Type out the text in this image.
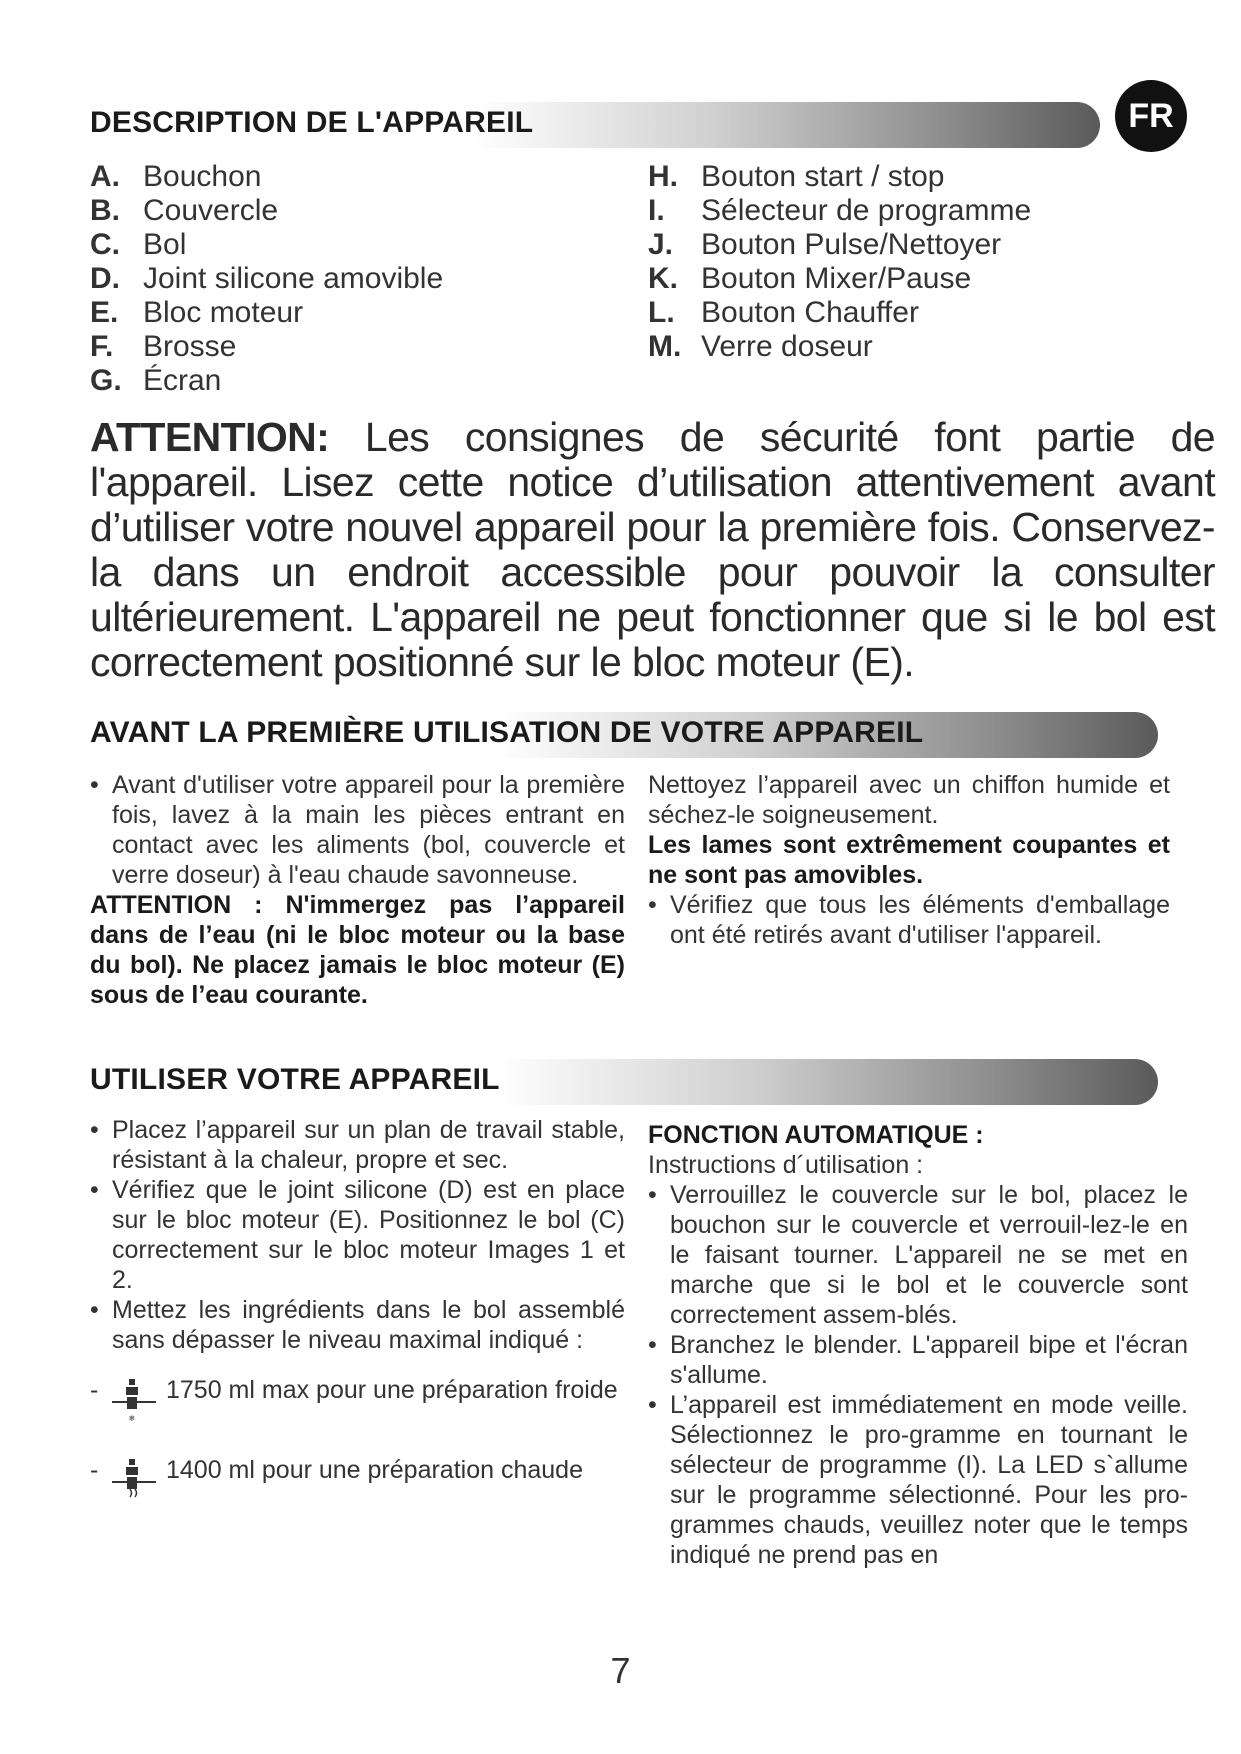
DESCRIPTION DE L'APPAREIL	FR
A. Bouchon
B. Couvercle
C. Bol
D. Joint silicone amovible
E. Bloc moteur
F. Brosse
G. Écran
H. Bouton start / stop
I.	Sélecteur de programme
J. Bouton Pulse/Nettoyer
K. Bouton Mixer/Pause
L. Bouton Chauffer
M. Verre doseur
ATTENTION: Les consignes de sécurité font partie de l'appareil. Lisez cette notice d’utilisation attentivement avant d’utiliser votre nouvel appareil pour la première fois. Conservez-la dans un endroit accessible pour pouvoir la consulter ultérieurement. L'appareil ne peut fonctionner que si le bol est correctement positionné sur le bloc moteur (E).
AVANT LA PREMIÈRE UTILISATION DE VOTRE APPAREIL

• Avant d'utiliser votre appareil pour la première fois, lavez à la main les pièces entrant en contact avec les aliments (bol, couvercle et verre doseur) à l'eau chaude savonneuse.

ATTENTION : N'immergez pas l’appareil dans de l’eau (ni le bloc moteur ou la base du bol). Ne placez jamais le bloc moteur (E) sous de l’eau courante.

Nettoyez l’appareil avec un chiffon humide et séchez-le soigneusement.

Les lames sont extrêmement coupantes et ne sont pas amovibles.

• Vérifiez que tous les éléments d'emballage ont été retirés avant d'utiliser l'appareil.

UTILISER VOTRE APPAREIL

• Placez l’appareil sur un plan de travail stable, résistant à la chaleur, propre et sec.

• Vérifiez que le joint silicone (D) est en place sur le bloc moteur (E). Positionnez le bol (C) correctement sur le bloc moteur Images 1 et 2.

• Mettez les ingrédients dans le bol assemblé sans dépasser le niveau maximal indiqué :

-
❄
1750 ml max pour une préparation froide
-	1400 ml pour une préparation chaude

FONCTION AUTOMATIQUE :

Instructions d´utilisation :

• Verrouillez le couvercle sur le bol, placez le bouchon sur le couvercle et verrouil-lez-le en le faisant tourner. L'appareil ne se met en marche que si le bol et le couvercle sont correctement assem-blés.

• Branchez le blender. L'appareil bipe et l'écran s'allume.

• L’appareil est immédiatement en mode veille. Sélectionnez le pro-gramme en tournant le sélecteur de programme (I). La LED s`allume sur le programme sélectionné. Pour les pro-grammes chauds, veuillez noter que le temps indiqué ne prend pas en

7
